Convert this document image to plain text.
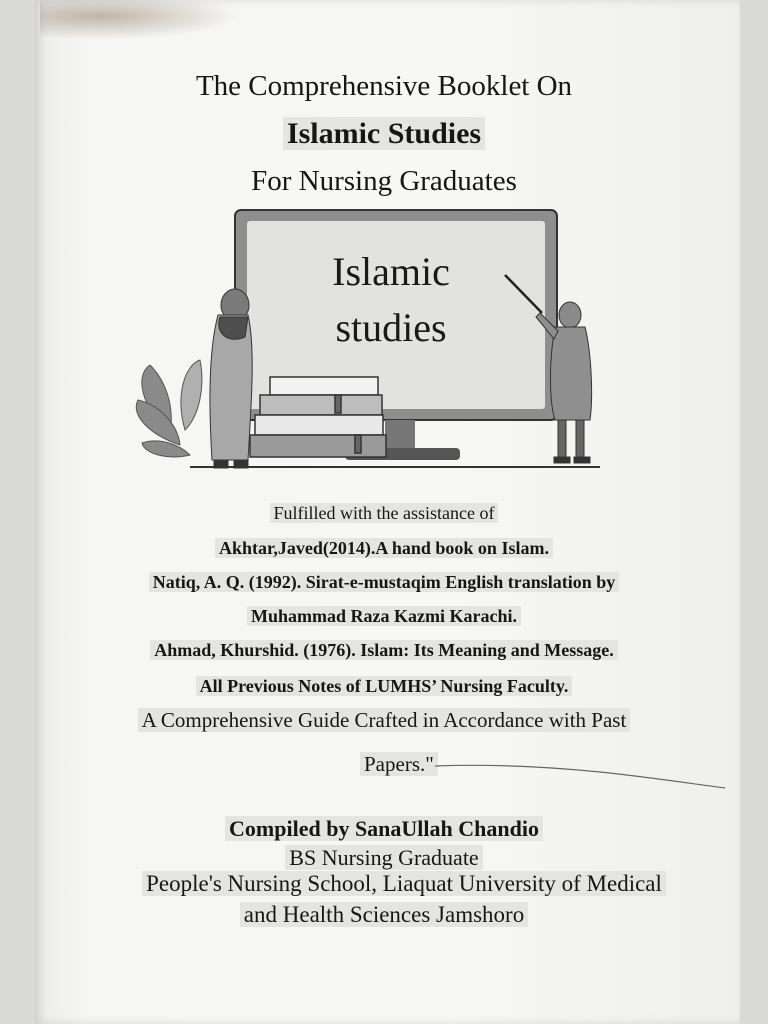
The Comprehensive Booklet On
Islamic Studies
For Nursing Graduates
Islamic
studies
Fulfilled with the assistance of
Akhtar,Javed(2014).A hand book on Islam.
Natiq, A. Q. (1992). Sirat-e-mustaqim English translation by
Muhammad Raza Kazmi Karachi.
Ahmad, Khurshid. (1976). Islam: Its Meaning and Message.
All Previous Notes of LUMHS’ Nursing Faculty.
A Comprehensive Guide Crafted in Accordance with Past
Papers."
Compiled by SanaUllah Chandio
BS Nursing Graduate
People's Nursing School, Liaquat University of Medical
and Health Sciences Jamshoro
